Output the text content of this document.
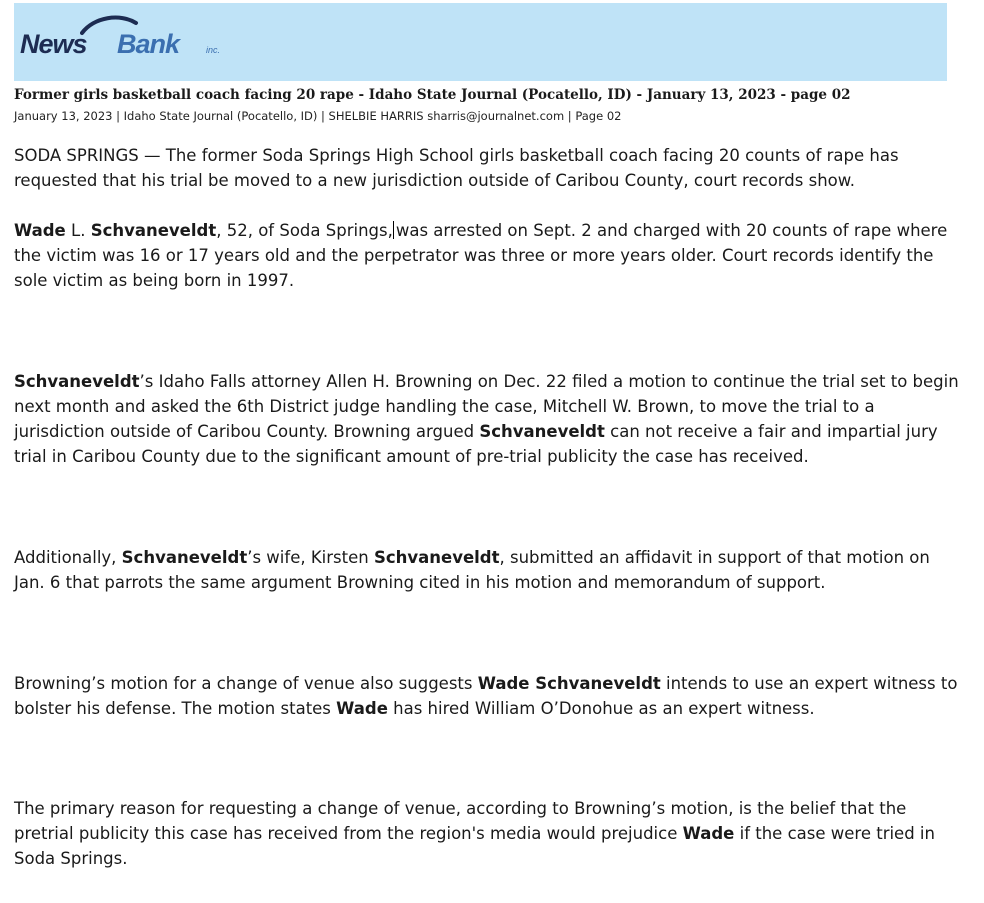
News Bank	inc.
Former girls basketball coach facing 20 rape - Idaho State Journal (Pocatello, ID) - January 13, 2023 - page 02
January 13, 2023 | Idaho State Journal (Pocatello, ID) | SHELBIE HARRIS sharris@journalnet.com | Page 02

SODA SPRINGS — The former Soda Springs High School girls basketball coach facing 20 counts of rape has requested that his trial be moved to a new jurisdiction outside of Caribou County, court records show.

Wade L. Schvaneveldt, 52, of Soda Springs, was arrested on Sept. 2 and charged with 20 counts of rape where the victim was 16 or 17 years old and the perpetrator was three or more years older. Court records identify the sole victim as being born in 1997.

Schvaneveldt’s Idaho Falls attorney Allen H. Browning on Dec. 22 filed a motion to continue the trial set to begin next month and asked the 6th District judge handling the case, Mitchell W. Brown, to move the trial to a jurisdiction outside of Caribou County. Browning argued Schvaneveldt can not receive a fair and impartial jury trial in Caribou County due to the significant amount of pre-trial publicity the case has received.

Additionally, Schvaneveldt’s wife, Kirsten Schvaneveldt, submitted an affidavit in support of that motion on Jan. 6 that parrots the same argument Browning cited in his motion and memorandum of support.

Browning’s motion for a change of venue also suggests Wade Schvaneveldt intends to use an expert witness to bolster his defense. The motion states Wade has hired William O’Donohue as an expert witness.

The primary reason for requesting a change of venue, according to Browning’s motion, is the belief that the pretrial publicity this case has received from the region's media would prejudice Wade if the case were tried in Soda Springs.
